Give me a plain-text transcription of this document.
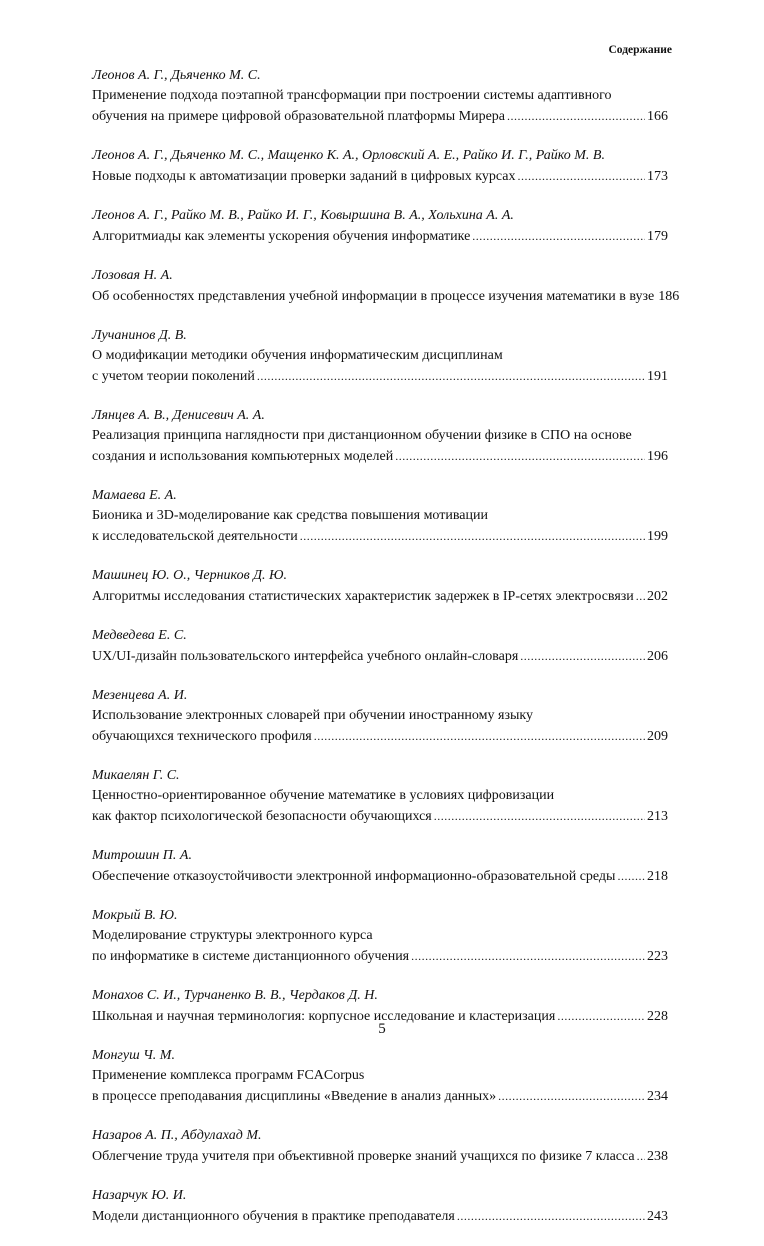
Содержание
Леонов А. Г., Дьяченко М. С.
Применение подхода поэтапной трансформации при построении системы адаптивного
обучения на примере цифровой образовательной платформы Мирера .....	166
Леонов А. Г., Дьяченко М. С., Мащенко К. А., Орловский А. Е., Райко И. Г., Райко М. В.
Новые подходы к автоматизации проверки заданий в цифровых курсах .....	173
Леонов А. Г., Райко М. В., Райко И. Г., Ковыршина В. А., Хольхина А. А.
Алгоритмиады как элементы ускорения обучения информатике .....	179
Лозовая Н. А.
Об особенностях представления учебной информации в процессе изучения математики в вузе 186
Лучанинов Д. В.
О модификации методики обучения информатическим дисциплинам
с учетом теории поколений .....	191
Лянцев А. В., Денисевич А. А.
Реализация принципа наглядности при дистанционном обучении физике в СПО на основе
создания и использования компьютерных моделей .....	196
Мамаева Е. А.
Бионика и 3D-моделирование как средства повышения мотивации
к исследовательской деятельности .....	199
Машинец Ю. О., Черников Д. Ю.
Алгоритмы исследования статистических характеристик задержек в IP-сетях электросвязи ..... 202
Медведева Е. С.
UX/UI-дизайн пользовательского интерфейса учебного онлайн-словаря .....	206
Мезенцева А. И.
Использование электронных словарей при обучении иностранному языку
обучающихся технического профиля .....	209
Микаелян Г. С.
Ценностно-ориентированное обучение математике в условиях цифровизации
как фактор психологической безопасности обучающихся .....	213
Митрошин П. А.
Обеспечение отказоустойчивости электронной информационно-образовательной среды ..... 218
Мокрый В. Ю.
Моделирование структуры электронного курса
по информатике в системе дистанционного обучения .....	223
Монахов С. И., Турчаненко В. В., Чердаков Д. Н.
Школьная и научная терминология: корпусное исследование и кластеризация .....	228
Монгуш Ч. М.
Применение комплекса программ FCACorpus
в процессе преподавания дисциплины «Введение в анализ данных» .....	234
Назаров А. П., Абдулахад М.
Облегчение труда учителя при объективной проверке знаний учащихся по физике 7 класса ..... 238
Назарчук Ю. И.
Модели дистанционного обучения в практике преподавателя .....	243
5
